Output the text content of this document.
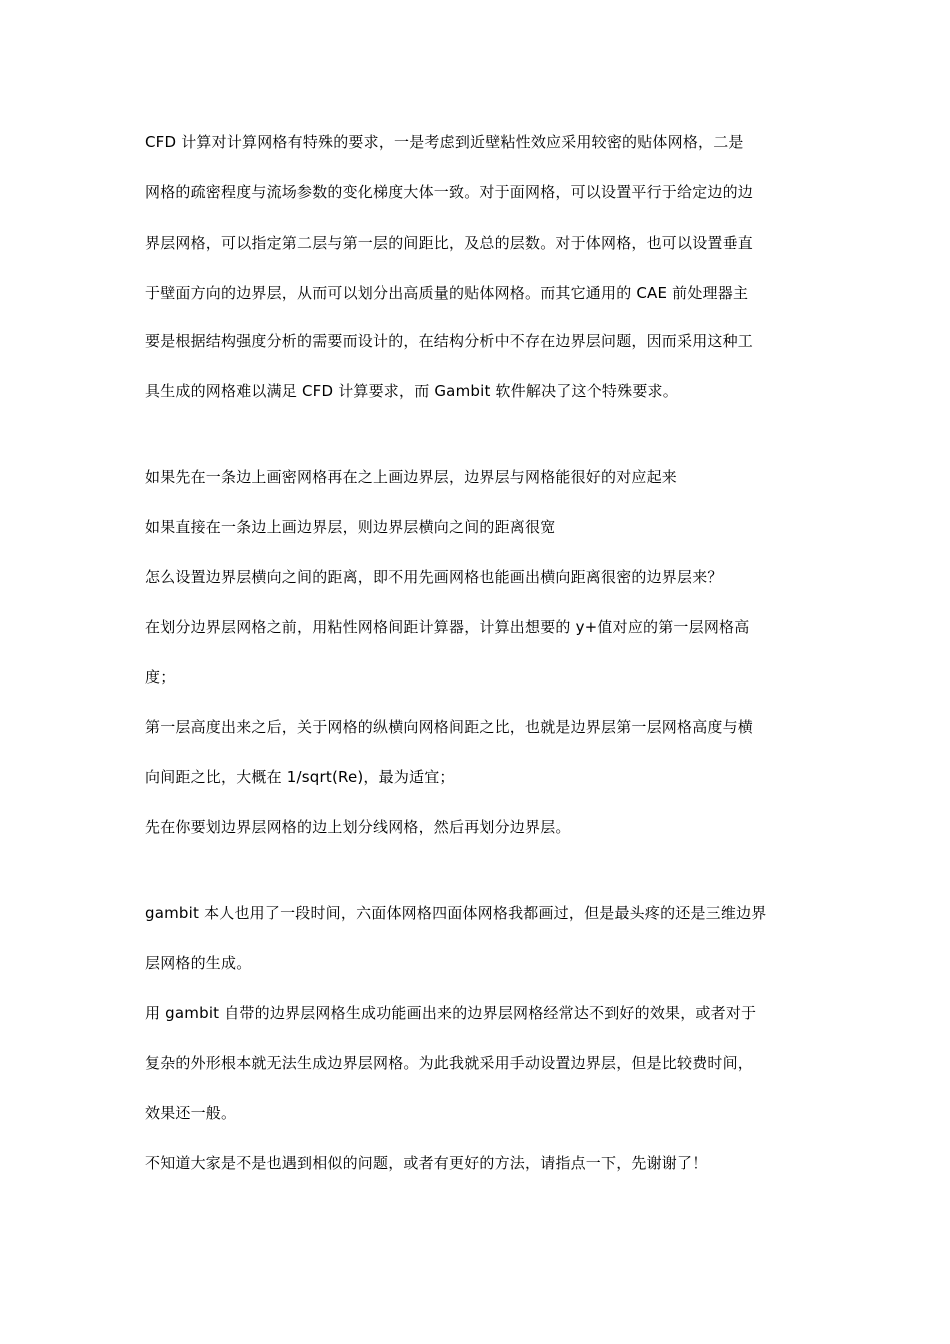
CFD 计算对计算网格有特殊的要求，一是考虑到近壁粘性效应采用较密的贴体网格，二是
网格的疏密程度与流场参数的变化梯度大体一致。对于面网格，可以设置平行于给定边的边
界层网格，可以指定第二层与第一层的间距比，及总的层数。对于体网格，也可以设置垂直
于壁面方向的边界层，从而可以划分出高质量的贴体网格。而其它通用的 CAE 前处理器主
要是根据结构强度分析的需要而设计的，在结构分析中不存在边界层问题，因而采用这种工
具生成的网格难以满足 CFD 计算要求，而 Gambit 软件解决了这个特殊要求。
如果先在一条边上画密网格再在之上画边界层，边界层与网格能很好的对应起来
如果直接在一条边上画边界层，则边界层横向之间的距离很宽
怎么设置边界层横向之间的距离，即不用先画网格也能画出横向距离很密的边界层来？
在划分边界层网格之前，用粘性网格间距计算器，计算出想要的 y+值对应的第一层网格高
度；
第一层高度出来之后，关于网格的纵横向网格间距之比，也就是边界层第一层网格高度与横
向间距之比，大概在 1/sqrt(Re)，最为适宜；
先在你要划边界层网格的边上划分线网格，然后再划分边界层。
gambit 本人也用了一段时间，六面体网格四面体网格我都画过，但是最头疼的还是三维边界
层网格的生成。
用 gambit 自带的边界层网格生成功能画出来的边界层网格经常达不到好的效果，或者对于
复杂的外形根本就无法生成边界层网格。为此我就采用手动设置边界层，但是比较费时间，
效果还一般。
不知道大家是不是也遇到相似的问题，或者有更好的方法，请指点一下，先谢谢了！
